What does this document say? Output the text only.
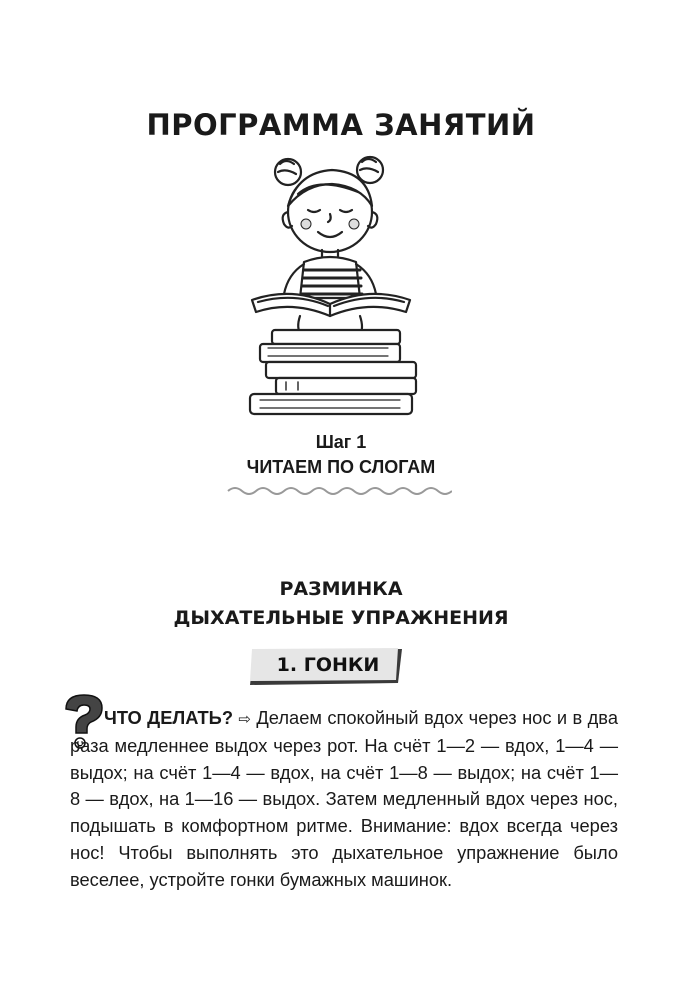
ПРОГРАММА ЗАНЯТИЙ
Шаг 1
ЧИТАЕМ ПО СЛОГАМ
РАЗМИНКА
ДЫХАТЕЛЬНЫЕ УПРАЖНЕНИЯ
1. ГОНКИ

ЧТО ДЕЛАТЬ? ⇨ Делаем спокойный вдох через нос и в два раза медленнее выдох через рот. На счёт 1—2 — вдох, 1—4 — выдох; на счёт 1—4 — вдох, на счёт 1—8 — выдох; на счёт 1—8 — вдох, на 1—16 — выдох. Затем медленный вдох через нос, подышать в комфортном ритме. Внимание: вдох всегда через нос! Чтобы выполнять это дыхательное упражнение было веселее, устройте гонки бумажных машинок.
